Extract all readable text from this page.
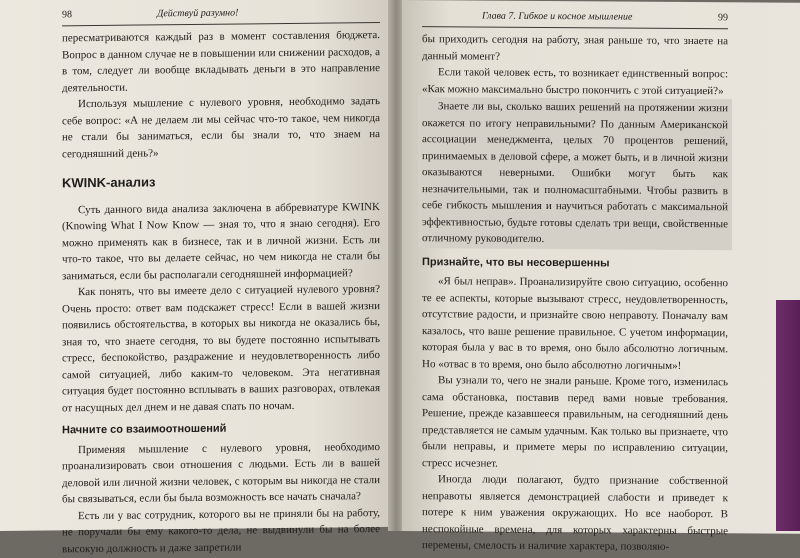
98	Действуй разумно!

пересматриваются каждый раз в момент составления бюджета. Вопрос в данном случае не в повышении или снижении расходов, а в том, следует ли вообще вкладывать деньги в это направление деятельности.

Используя мышление с нулевого уровня, необходимо задать себе вопрос: «А не делаем ли мы сейчас что-то такое, чем никогда не стали бы заниматься, если бы знали то, что знаем на сегодняшний день?»

KWINK-анализ

Суть данного вида анализа заключена в аббревиатуре KWINK (Knowing What I Now Know — зная то, что я знаю сегодня). Его можно применять как в бизнесе, так и в личной жизни. Есть ли что-то такое, что вы делаете сейчас, но чем никогда не стали бы заниматься, если бы располагали сегодняшней информацией?

Как понять, что вы имеете дело с ситуацией нулевого уровня? Очень просто: ответ вам подскажет стресс! Если в вашей жизни появились обстоятельства, в которых вы никогда не оказались бы, зная то, что знаете сегодня, то вы будете постоянно испытывать стресс, беспокойство, раздражение и неудовлетворенность либо самой ситуацией, либо каким-то человеком. Эта негативная ситуация будет постоянно всплывать в ваших разговорах, отвлекая от насущных дел днем и не давая спать по ночам.

Начните со взаимоотношений

Применяя мышление с нулевого уровня, необходимо проанализировать свои отношения с людьми. Есть ли в вашей деловой или личной жизни человек, с которым вы никогда не стали бы связываться, если бы была возможность все начать сначала?

Есть ли у вас сотрудник, которого вы не приняли бы на работу, не поручали бы ему какого-то дела, не выдвинули бы на более высокую должность и даже запретили

Глава 7. Гибкое и косное мышление	99

бы приходить сегодня на работу, зная раньше то, что знаете на данный момент?

Если такой человек есть, то возникает единственный вопрос: «Как можно максимально быстро покончить с этой ситуацией?»

Знаете ли вы, сколько ваших решений на протяжении жизни окажется по итогу неправильными? По данным Американской ассоциации менеджмента, целых 70 процентов решений, принимаемых в деловой сфере, а может быть, и в личной жизни оказываются неверными. Ошибки могут быть как незначительными, так и полномасштабными. Чтобы развить в себе гибкость мышления и научиться работать с максимальной эффективностью, будьте готовы сделать три вещи, свойственные отличному руководителю.

Признайте, что вы несовершенны

«Я был неправ». Проанализируйте свою ситуацию, особенно те ее аспекты, которые вызывают стресс, неудовлетворенность, отсутствие радости, и признайте свою неправоту. Поначалу вам казалось, что ваше решение правильное. С учетом информации, которая была у вас в то время, оно было абсолютно логичным. Но «отвас в то время, оно было абсолютно логичным»!

Вы узнали то, чего не знали раньше. Кроме того, изменилась сама обстановка, поставив перед вами новые требования. Решение, прежде казавшееся правильным, на сегодняшний день представляется не самым удачным. Как только вы признаете, что были неправы, и примете меры по исправлению ситуации, стресс исчезнет.

Иногда люди полагают, будто признание собственной неправоты является демонстрацией слабости и приведет к потере к ним уважения окружающих. Но все наоборот. В неспокойные времена, для которых характерны быстрые перемены, смелость и наличие характера, позволяю-
